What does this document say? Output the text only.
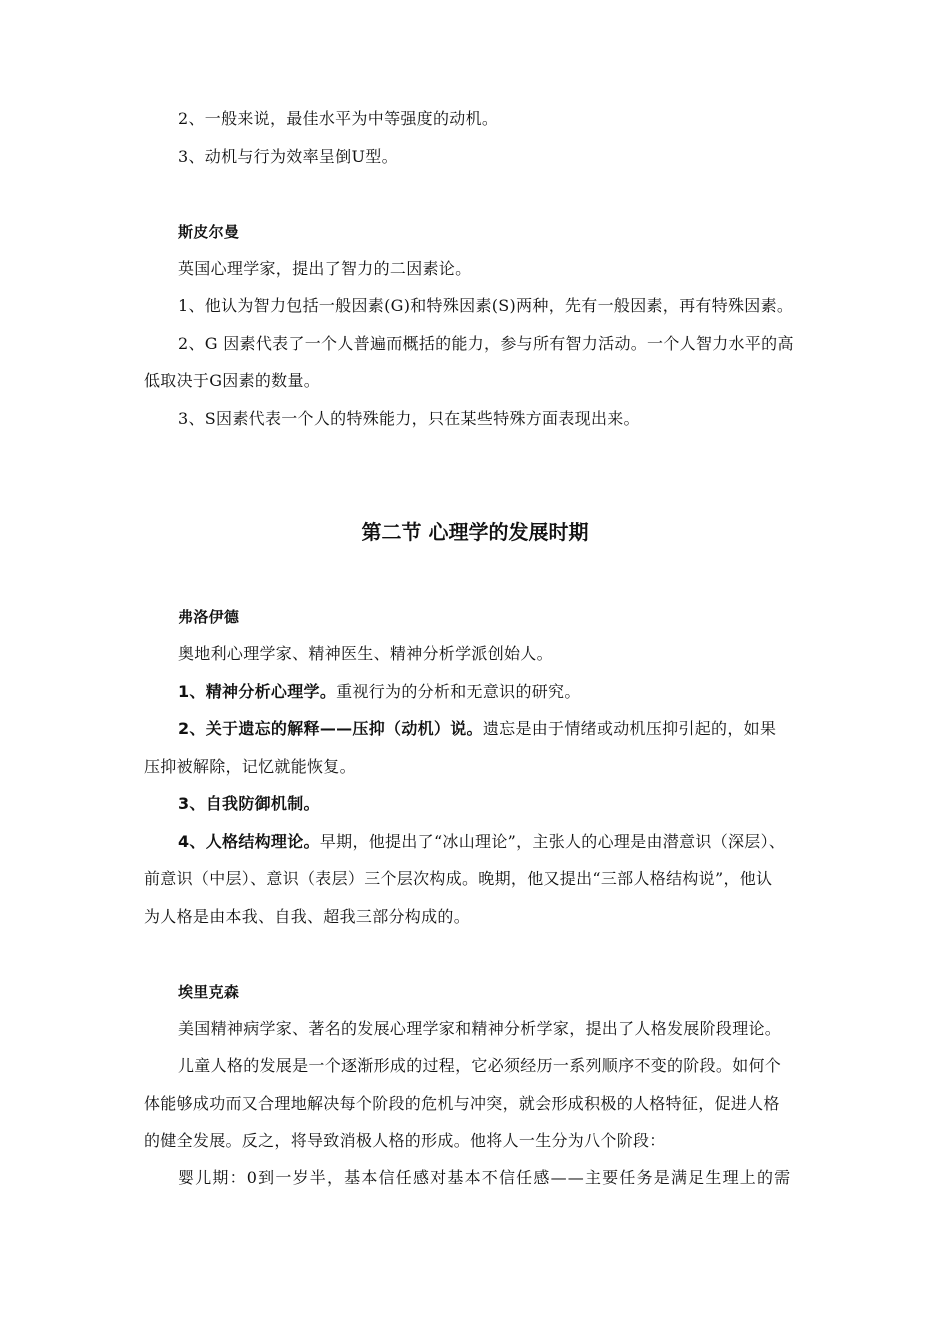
2、一般来说，最佳水平为中等强度的动机。
3、动机与行为效率呈倒U型。
斯皮尔曼
英国心理学家，提出了智力的二因素论。
1、他认为智力包括一般因素(G)和特殊因素(S)两种，先有一般因素，再有特殊因素。
2、G 因素代表了一个人普遍而概括的能力，参与所有智力活动。一个人智力水平的高
低取决于G因素的数量。
3、S因素代表一个人的特殊能力，只在某些特殊方面表现出来。
第二节 心理学的发展时期
弗洛伊德
奥地利心理学家、精神医生、精神分析学派创始人。
1、精神分析心理学。重视行为的分析和无意识的研究。
2、关于遗忘的解释——压抑（动机）说。遗忘是由于情绪或动机压抑引起的，如果
压抑被解除，记忆就能恢复。
3、自我防御机制。
4、人格结构理论。早期，他提出了“冰山理论”，主张人的心理是由潜意识（深层）、
前意识（中层）、意识（表层）三个层次构成。晚期，他又提出“三部人格结构说”，他认
为人格是由本我、自我、超我三部分构成的。
埃里克森
美国精神病学家、著名的发展心理学家和精神分析学家，提出了人格发展阶段理论。
儿童人格的发展是一个逐渐形成的过程，它必须经历一系列顺序不变的阶段。如何个
体能够成功而又合理地解决每个阶段的危机与冲突，就会形成积极的人格特征，促进人格
的健全发展。反之，将导致消极人格的形成。他将人一生分为八个阶段：
婴儿期：0到一岁半，基本信任感对基本不信任感——主要任务是满足生理上的需
